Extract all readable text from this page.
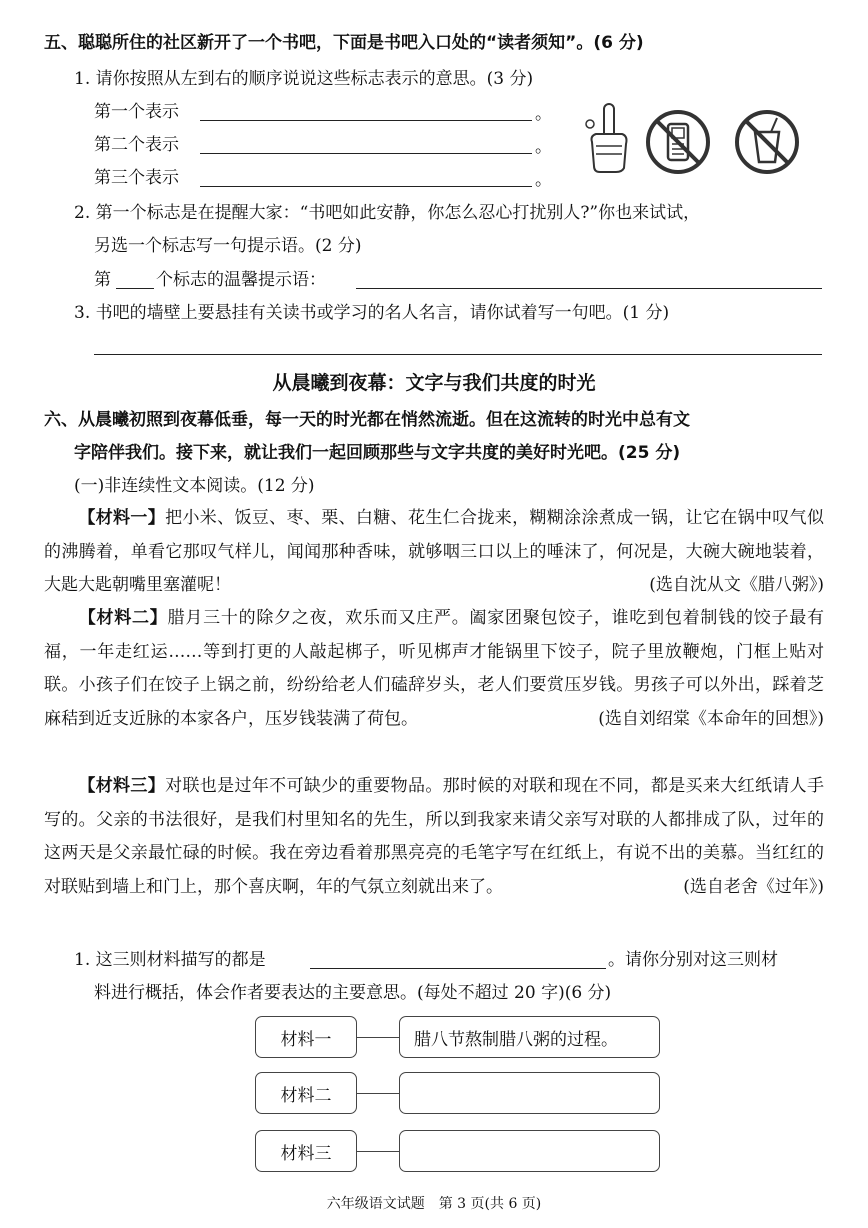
五、聪聪所住的社区新开了一个书吧，下面是书吧入口处的“读者须知”。(6 分)
1. 请你按照从左到右的顺序说说这些标志表示的意思。(3 分)
第一个表示	。
第二个表示	。
第三个表示	。
2. 第一个标志是在提醒大家：“书吧如此安静，你怎么忍心打扰别人?”你也来试试，
另选一个标志写一句提示语。(2 分)
第	个标志的温馨提示语：
3. 书吧的墙壁上要悬挂有关读书或学习的名人名言，请你试着写一句吧。(1 分)
从晨曦到夜幕：文字与我们共度的时光
六、从晨曦初照到夜幕低垂，每一天的时光都在悄然流逝。但在这流转的时光中总有文
字陪伴我们。接下来，就让我们一起回顾那些与文字共度的美好时光吧。(25 分)
(一)非连续性文本阅读。(12 分)
【材料一】把小米、饭豆、枣、栗、白糖、花生仁合拢来，糊糊涂涂煮成一锅，让它在锅中叹气似的沸腾着，单看它那叹气样儿，闻闻那种香味，就够咽三口以上的唾沫了，何况是，大碗大碗地装着，大匙大匙朝嘴里塞灌呢！	(选自沈从文《腊八粥》)
【材料二】腊月三十的除夕之夜，欢乐而又庄严。阖家团聚包饺子，谁吃到包着制钱的饺子最有福，一年走红运……等到打更的人敲起梆子，听见梆声才能锅里下饺子，院子里放鞭炮，门框上贴对联。小孩子们在饺子上锅之前，纷纷给老人们磕辞岁头，老人们要赏压岁钱。男孩子可以外出，踩着芝麻秸到近支近脉的本家各户，压岁钱装满了荷包。	(选自刘绍棠《本命年的回想》)
【材料三】对联也是过年不可缺少的重要物品。那时候的对联和现在不同，都是买来大红纸请人手写的。父亲的书法很好，是我们村里知名的先生，所以到我家来请父亲写对联的人都排成了队，过年的这两天是父亲最忙碌的时候。我在旁边看着那黑亮亮的毛笔字写在红纸上，有说不出的美慕。当红红的对联贴到墙上和门上，那个喜庆啊，年的气氛立刻就出来了。	(选自老舍《过年》)
1. 这三则材料描写的都是	。请你分别对这三则材
料进行概括，体会作者要表达的主要意思。(每处不超过 20 字)(6 分)
材料一	腊八节熬制腊八粥的过程。
材料二
材料三
六年级语文试题　第 3 页(共 6 页)
